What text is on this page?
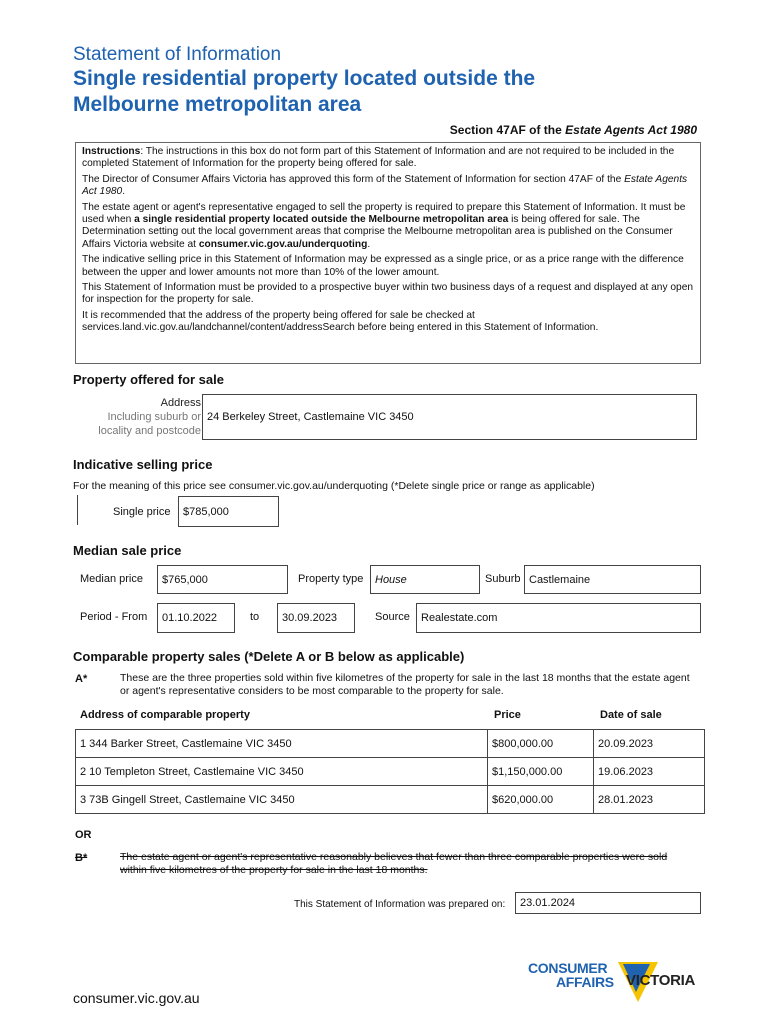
Statement of Information
Single residential property located outside the
Melbourne metropolitan area
Section 47AF of the Estate Agents Act 1980

Instructions: The instructions in this box do not form part of this Statement of Information and are not required to be included in the completed Statement of Information for the property being offered for sale.

The Director of Consumer Affairs Victoria has approved this form of the Statement of Information for section 47AF of the Estate Agents Act 1980.

The estate agent or agent's representative engaged to sell the property is required to prepare this Statement of Information. It must be used when a single residential property located outside the Melbourne metropolitan area is being offered for sale. The Determination setting out the local government areas that comprise the Melbourne metropolitan area is published on the Consumer Affairs Victoria website at consumer.vic.gov.au/underquoting.

The indicative selling price in this Statement of Information may be expressed as a single price, or as a price range with the difference between the upper and lower amounts not more than 10% of the lower amount.

This Statement of Information must be provided to a prospective buyer within two business days of a request and displayed at any open for inspection for the property for sale.

It is recommended that the address of the property being offered for sale be checked at services.land.vic.gov.au/landchannel/content/addressSearch before being entered in this Statement of Information.

Property offered for sale
Address
Including suburb or
locality and postcode
24 Berkeley Street, Castlemaine VIC 3450
Indicative selling price
For the meaning of this price see consumer.vic.gov.au/underquoting (*Delete single price or range as applicable)
Single price	$785,000
Median sale price
Median price	$765,000	Property type	House	Suburb Castlemaine
Period - From	01.10.2022	to	30.09.2023	Source	Realestate.com
Comparable property sales (*Delete A or B below as applicable)
A*	These are the three properties sold within five kilometres of the property for sale in the last 18 months that the estate agent or agent's representative considers to be most comparable to the property for sale.
Address of comparable property	Price	Date of sale
1 344 Barker Street, Castlemaine VIC 3450	$800,000.00	20.09.2023
2 10 Templeton Street, Castlemaine VIC 3450	$1,150,000.00	19.06.2023
3 73B Gingell Street, Castlemaine VIC 3450	$620,000.00	28.01.2023
OR
B*	The estate agent or agent's representative reasonably believes that fewer than three comparable properties were sold within five kilometres of the property for sale in the last 18 months.
This Statement of Information was prepared on:	23.01.2024
CONSUMER
AFFAIRS VICTORIA
consumer.vic.gov.au
